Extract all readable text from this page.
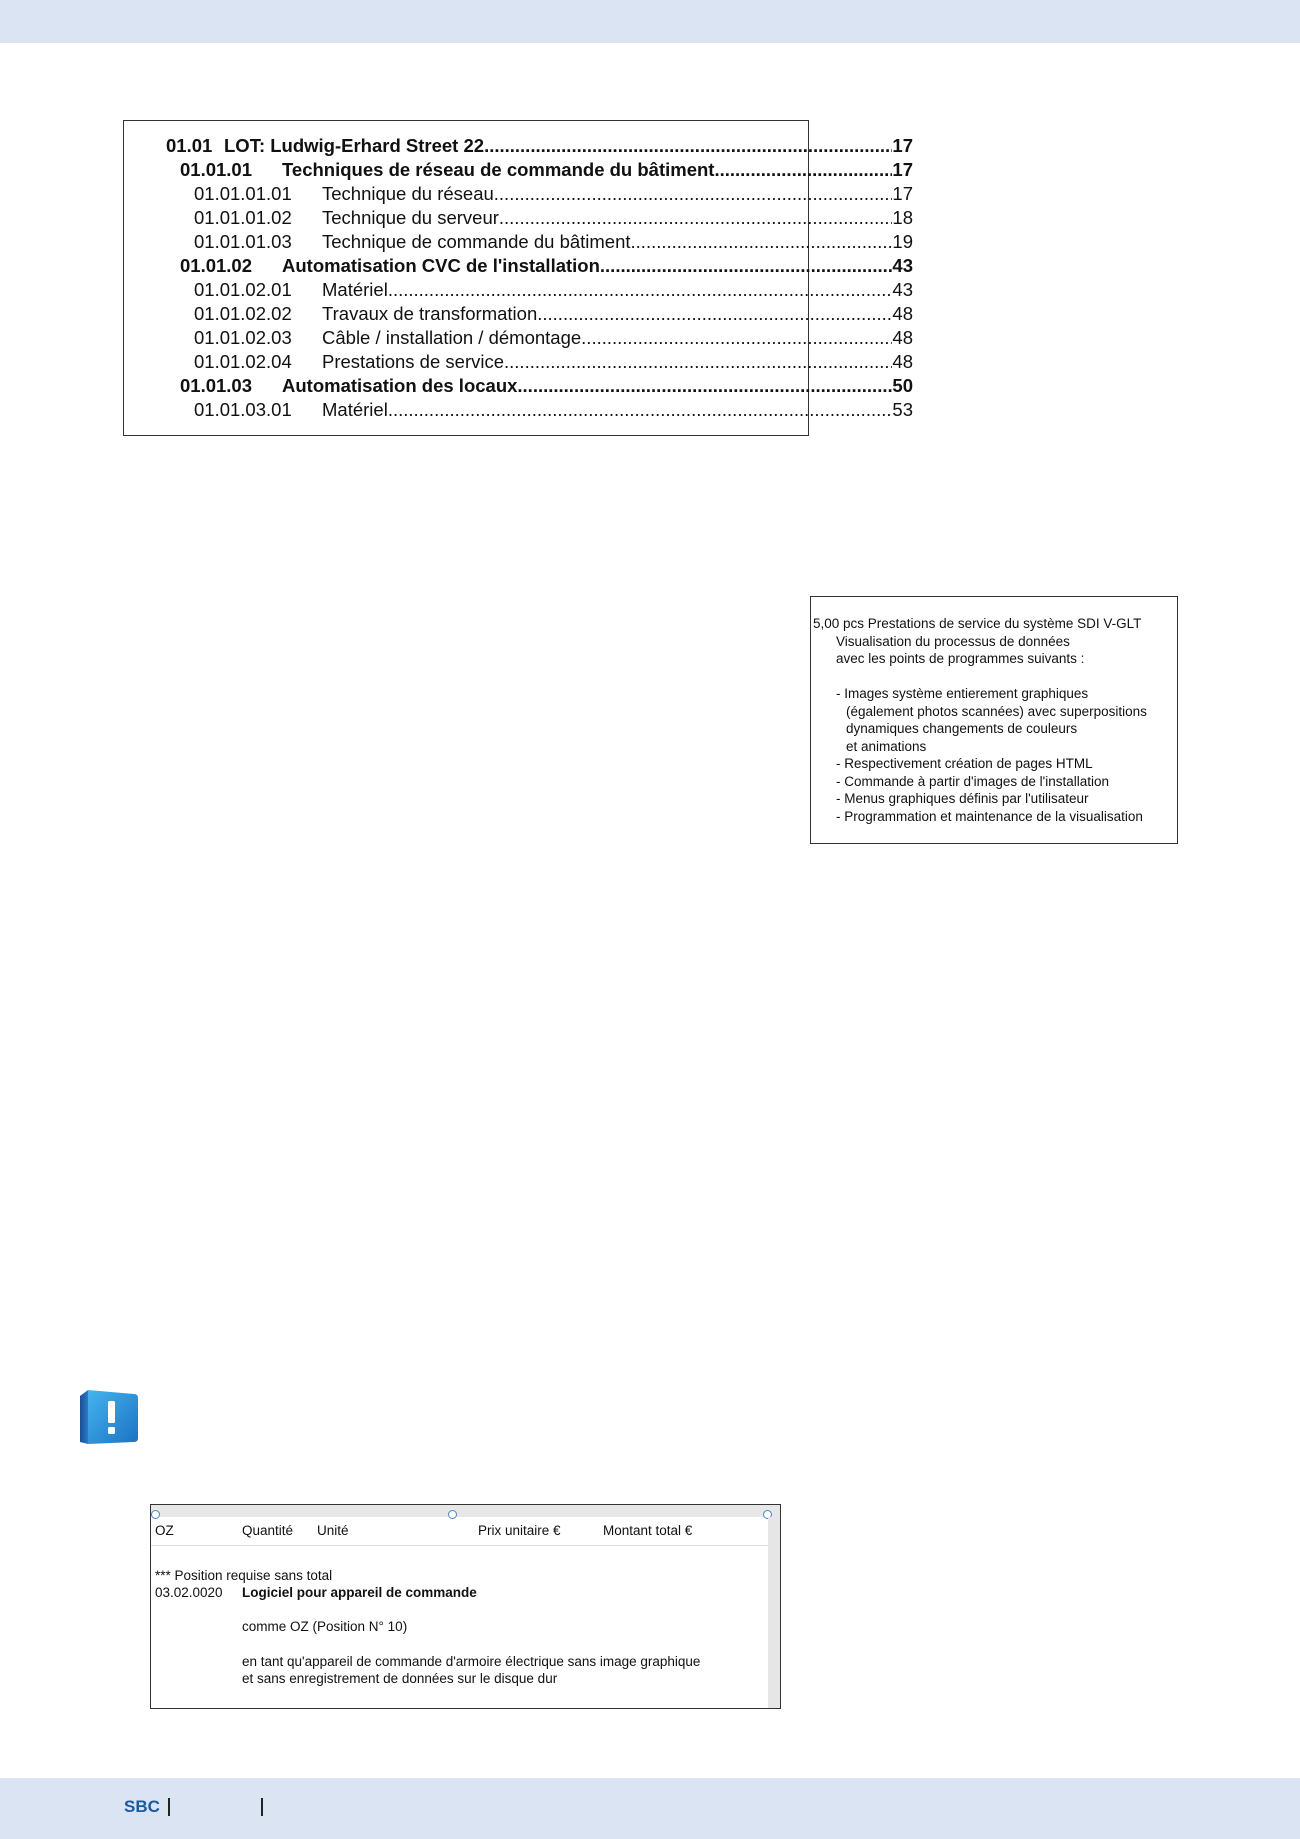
01.01 LOT: Ludwig-Erhard Street 22 .....	17
01.01.01	Techniques de réseau de commande du bâtiment .....	17
01.01.01.01	Technique du réseau .....	17
01.01.01.02	Technique du serveur .....	18
01.01.01.03	Technique de commande du bâtiment .....	19
01.01.02	Automatisation CVC de l'installation .....	43
01.01.02.01	Matériel .....	43
01.01.02.02	Travaux de transformation .....	48
01.01.02.03	Câble / installation / démontage .....	48
01.01.02.04	Prestations de service .....	48
01.01.03	Automatisation des locaux .....	50
01.01.03.01	Matériel .....	53
5,00 pcs Prestations de service du système SDI V-GLT
Visualisation du processus de données
avec les points de programmes suivants :
- Images système entierement graphiques
(également photos scannées) avec superpositions
dynamiques changements de couleurs
et animations
- Respectivement création de pages HTML
- Commande à partir d'images de l'installation
- Menus graphiques définis par l'utilisateur
- Programmation et maintenance de la visualisation
OZ	Quantité Unité	Prix unitaire €	Montant total €
*** Position requise sans total
03.02.0020 Logiciel pour appareil de commande
comme OZ (Position N° 10)
en tant qu'appareil de commande d'armoire électrique sans image graphique
et sans enregistrement de données sur le disque dur
SBC
